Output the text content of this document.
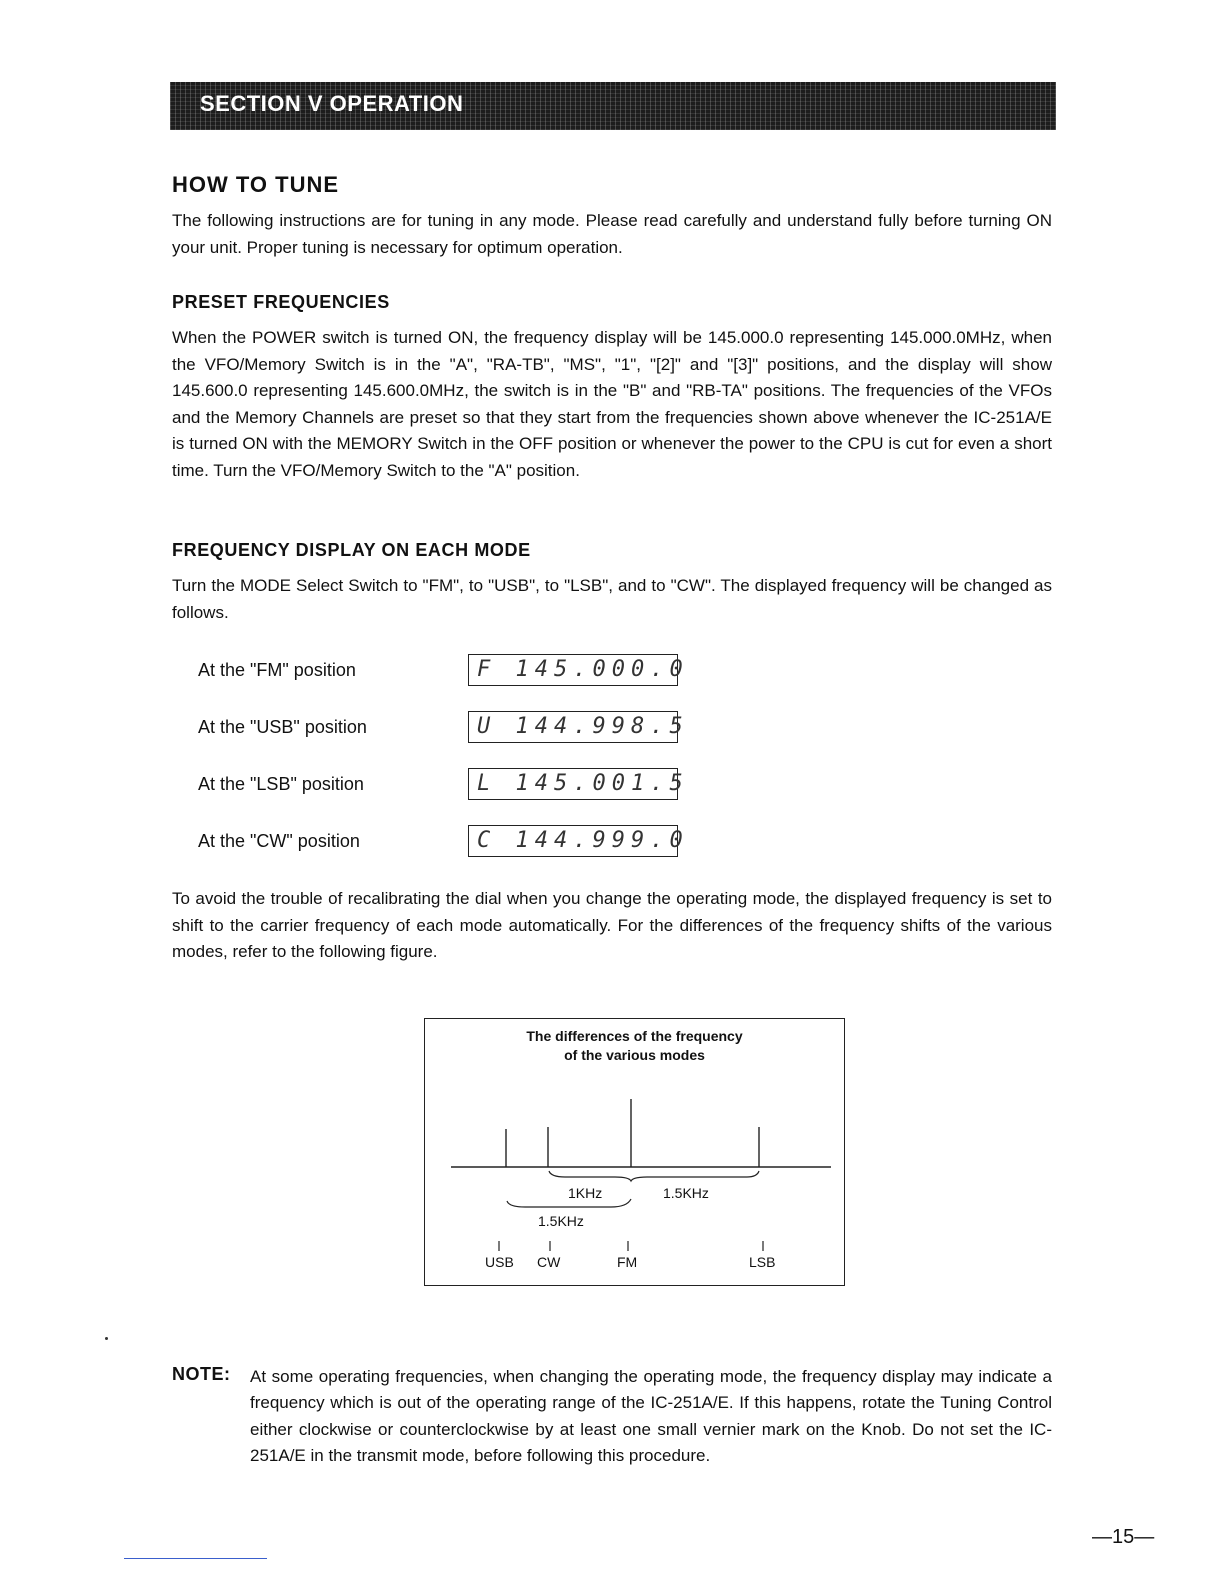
SECTION V OPERATION
HOW TO TUNE

The following instructions are for tuning in any mode. Please read carefully and understand fully before turning ON your unit. Proper tuning is necessary for optimum operation.

PRESET FREQUENCIES

When the POWER switch is turned ON, the frequency display will be 145.000.0 representing 145.000.0MHz, when the VFO/Memory Switch is in the "A", "RA-TB", "MS", "1", "[2]" and "[3]" positions, and the display will show 145.600.0 representing 145.600.0MHz, the switch is in the "B" and "RB-TA" positions. The frequencies of the VFOs and the Memory Channels are preset so that they start from the frequencies shown above whenever the IC-251A/E is turned ON with the MEMORY Switch in the OFF position or whenever the power to the CPU is cut for even a short time. Turn the VFO/Memory Switch to the "A" position.

FREQUENCY DISPLAY ON EACH MODE

Turn the MODE Select Switch to "FM", to "USB", to "LSB", and to "CW". The displayed frequency will be changed as follows.

At the "FM" position	F 145.000.0
At the "USB" position	U 144.998.5
At the "LSB" position	L 145.001.5
At the "CW" position	C 144.999.0

To avoid the trouble of recalibrating the dial when you change the operating mode, the displayed frequency is set to shift to the carrier frequency of each mode automatically. For the differences of the frequency shifts of the various modes, refer to the following figure.

The differences of the frequency
of the various modes
1KHz	1.5KHz
1.5KHz
USB CW	FM	LSB
NOTE: At some operating frequencies, when changing the operating mode, the frequency display may indicate a frequency which is out of the operating range of the IC-251A/E. If this happens, rotate the Tuning Control either clockwise or counterclockwise by at least one small vernier mark on the Knob. Do not set the IC-251A/E in the transmit mode, before following this procedure.

—15—
